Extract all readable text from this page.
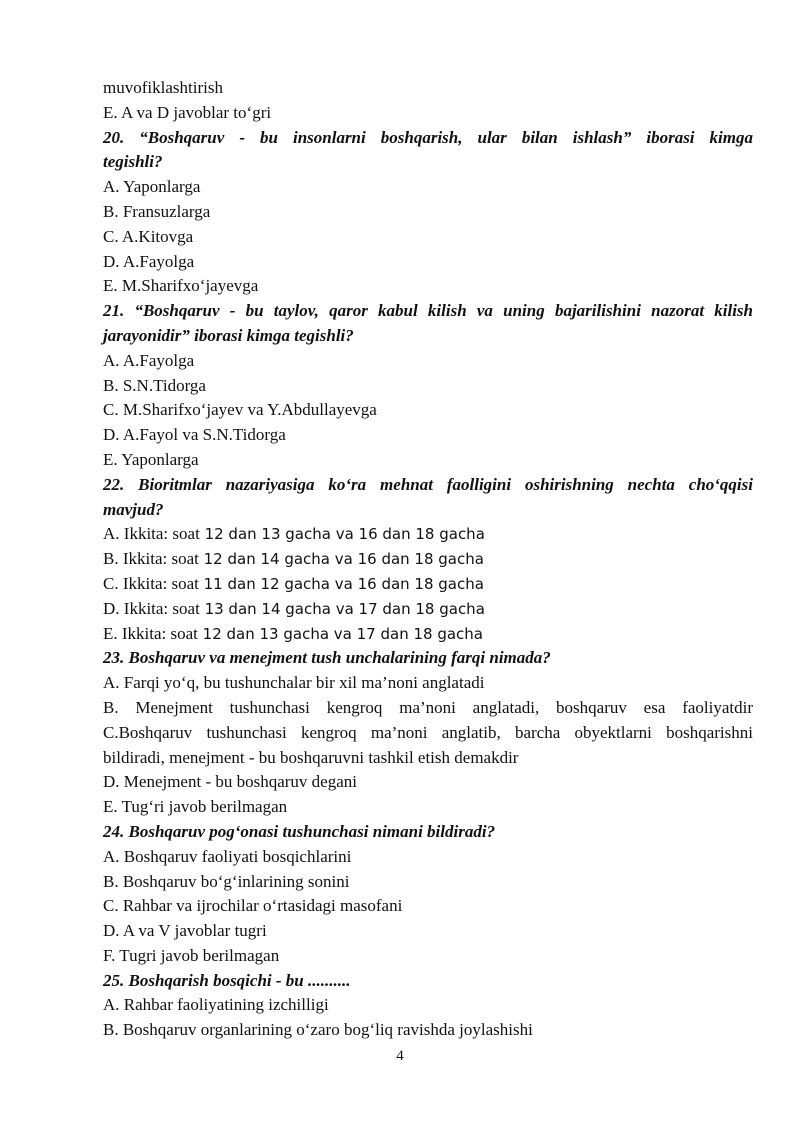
muvofiklashtirish
E. A va D javoblar to‘gri
20. “Boshqaruv - bu insonlarni boshqarish, ular bilan ishlash” iborasi kimga
tegishli?
A. Yaponlarga
B. Fransuzlarga
C. A.Kitovga
D. A.Fayolga
E. M.Sharifxo‘jayevga
21. “Boshqaruv - bu taylov, qaror kabul kilish va uning bajarilishini nazorat kilish
jarayonidir” iborasi kimga tegishli?
A. A.Fayolga
B. S.N.Tidorga
C. M.Sharifxo‘jayev va Y.Abdullayevga
D. A.Fayol va S.N.Tidorga
E. Yaponlarga
22. Bioritmlar nazariyasiga ko‘ra mehnat faolligini oshirishning nechta cho‘qqisi
mavjud?
A. Ikkita: soat 12 dan 13 gacha va 16 dan 18 gacha
B. Ikkita: soat 12 dan 14 gacha va 16 dan 18 gacha
C. Ikkita: soat 11 dan 12 gacha va 16 dan 18 gacha
D. Ikkita: soat 13 dan 14 gacha va 17 dan 18 gacha
E. Ikkita: soat 12 dan 13 gacha va 17 dan 18 gacha
23. Boshqaruv va menejment tush unchalarining farqi nimada?
A. Farqi yo‘q, bu tushunchalar bir xil ma’noni anglatadi
B. Menejment tushunchasi kengroq ma’noni anglatadi, boshqaruv esa faoliyatdir
C.Boshqaruv tushunchasi kengroq ma’noni anglatib, barcha obyektlarni boshqarishni
bildiradi, menejment - bu boshqaruvni tashkil etish demakdir
D. Menejment - bu boshqaruv degani
E. Tug‘ri javob berilmagan
24. Boshqaruv pog‘onasi tushunchasi nimani bildiradi?
A. Boshqaruv faoliyati bosqichlarini
B. Boshqaruv bo‘g‘inlarining sonini
C. Rahbar va ijrochilar o‘rtasidagi masofani
D. A va V javoblar tugri
F. Tugri javob berilmagan
25. Boshqarish bosqichi - bu ..........
A. Rahbar faoliyatining izchilligi
B. Boshqaruv organlarining o‘zaro bog‘liq ravishda joylashishi
4
